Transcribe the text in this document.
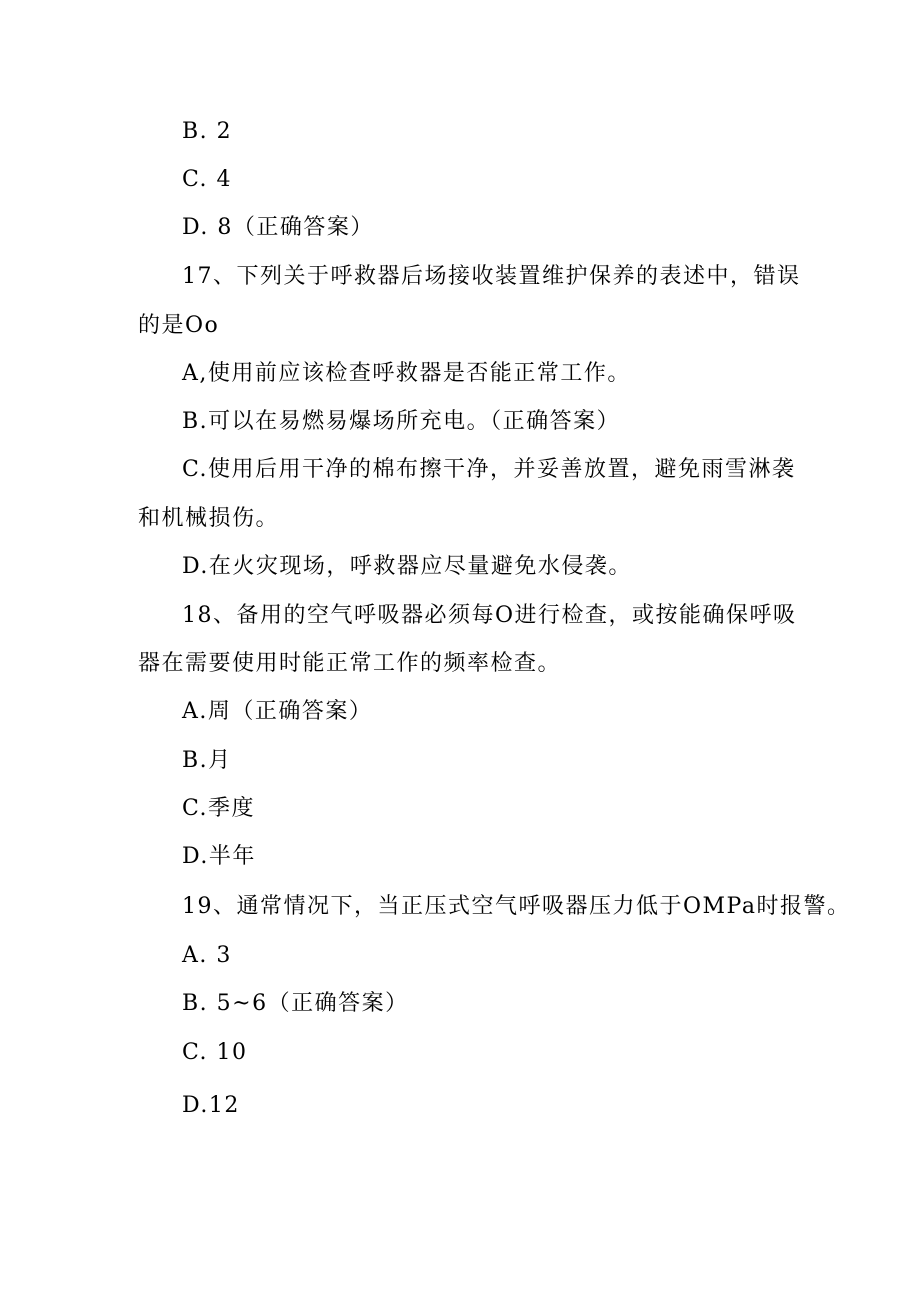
B. 2
C. 4
D. 8（正确答案）
17、下列关于呼救器后场接收装置维护保养的表述中，错误
的是Oo
A,使用前应该检查呼救器是否能正常工作。
B.可以在易燃易爆场所充电。（正确答案）
C.使用后用干净的棉布擦干净，并妥善放置，避免雨雪淋袭
和机械损伤。
D.在火灾现场，呼救器应尽量避免水侵袭。
18、备用的空气呼吸器必须每O进行检查，或按能确保呼吸
器在需要使用时能正常工作的频率检查。
A.周（正确答案）
B.月
C.季度
D.半年
19、通常情况下，当正压式空气呼吸器压力低于OMPa时报警。
A. 3
B. 5~6（正确答案）
C. 10
D.12
